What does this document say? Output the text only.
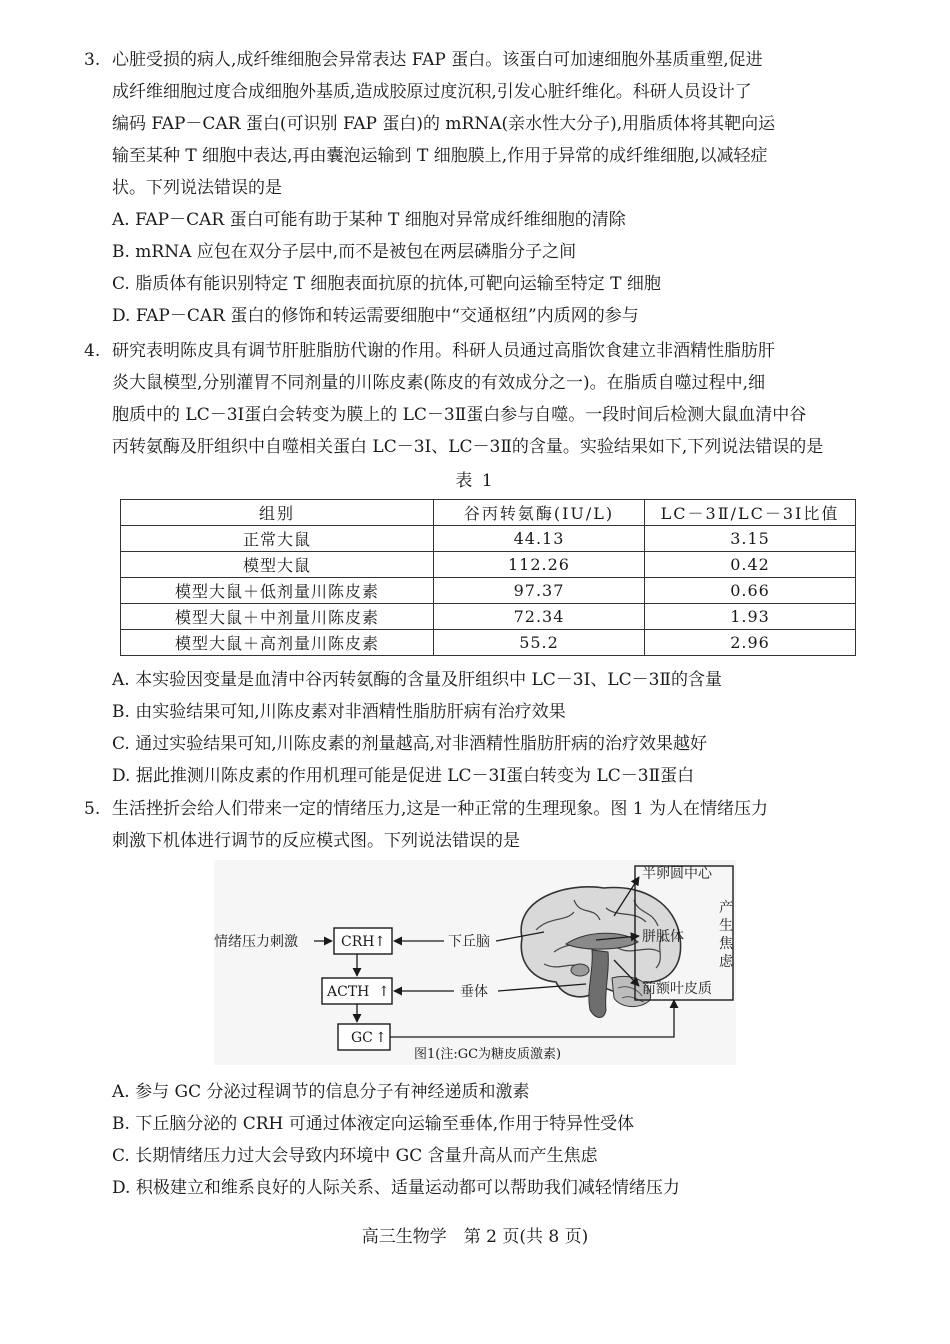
3. 心脏受损的病人,成纤维细胞会异常表达 FAP 蛋白。该蛋白可加速细胞外基质重塑,促进
成纤维细胞过度合成细胞外基质,造成胶原过度沉积,引发心脏纤维化。科研人员设计了
编码 FAP－CAR 蛋白(可识别 FAP 蛋白)的 mRNA(亲水性大分子),用脂质体将其靶向运
输至某种 T 细胞中表达,再由囊泡运输到 T 细胞膜上,作用于异常的成纤维细胞,以减轻症
状。下列说法错误的是
A. FAP－CAR 蛋白可能有助于某种 T 细胞对异常成纤维细胞的清除
B. mRNA 应包在双分子层中,而不是被包在两层磷脂分子之间
C. 脂质体有能识别特定 T 细胞表面抗原的抗体,可靶向运输至特定 T 细胞
D. FAP－CAR 蛋白的修饰和转运需要细胞中“交通枢纽”内质网的参与
4. 研究表明陈皮具有调节肝脏脂肪代谢的作用。科研人员通过高脂饮食建立非酒精性脂肪肝
炎大鼠模型,分别灌胃不同剂量的川陈皮素(陈皮的有效成分之一)。在脂质自噬过程中,细
胞质中的 LC－3Ⅰ蛋白会转变为膜上的 LC－3Ⅱ蛋白参与自噬。一段时间后检测大鼠血清中谷
丙转氨酶及肝组织中自噬相关蛋白 LC－3Ⅰ、LC－3Ⅱ的含量。实验结果如下,下列说法错误的是
表 1
组别	谷丙转氨酶(IU/L)	LC－3Ⅱ/LC－3Ⅰ比值
正常大鼠	44.13	3.15
模型大鼠	112.26	0.42
模型大鼠＋低剂量川陈皮素	97.37	0.66
模型大鼠＋中剂量川陈皮素	72.34	1.93
模型大鼠＋高剂量川陈皮素	55.2	2.96
A. 本实验因变量是血清中谷丙转氨酶的含量及肝组织中 LC－3Ⅰ、LC－3Ⅱ的含量
B. 由实验结果可知,川陈皮素对非酒精性脂肪肝病有治疗效果
C. 通过实验结果可知,川陈皮素的剂量越高,对非酒精性脂肪肝病的治疗效果越好
D. 据此推测川陈皮素的作用机理可能是促进 LC－3Ⅰ蛋白转变为 LC－3Ⅱ蛋白
5. 生活挫折会给人们带来一定的情绪压力,这是一种正常的生理现象。图 1 为人在情绪压力
刺激下机体进行调节的反应模式图。下列说法错误的是
情绪压力刺激	CRH ↑
ACTH ↑
GC ↑
下丘脑
垂体
半卵圆中心
胼胝体
前额叶皮质
产
生
焦
虑
图1(注:GC为糖皮质激素)
A. 参与 GC 分泌过程调节的信息分子有神经递质和激素
B. 下丘脑分泌的 CRH 可通过体液定向运输至垂体,作用于特异性受体
C. 长期情绪压力过大会导致内环境中 GC 含量升高从而产生焦虑
D. 积极建立和维系良好的人际关系、适量运动都可以帮助我们减轻情绪压力
高三生物学　第 2 页(共 8 页)
